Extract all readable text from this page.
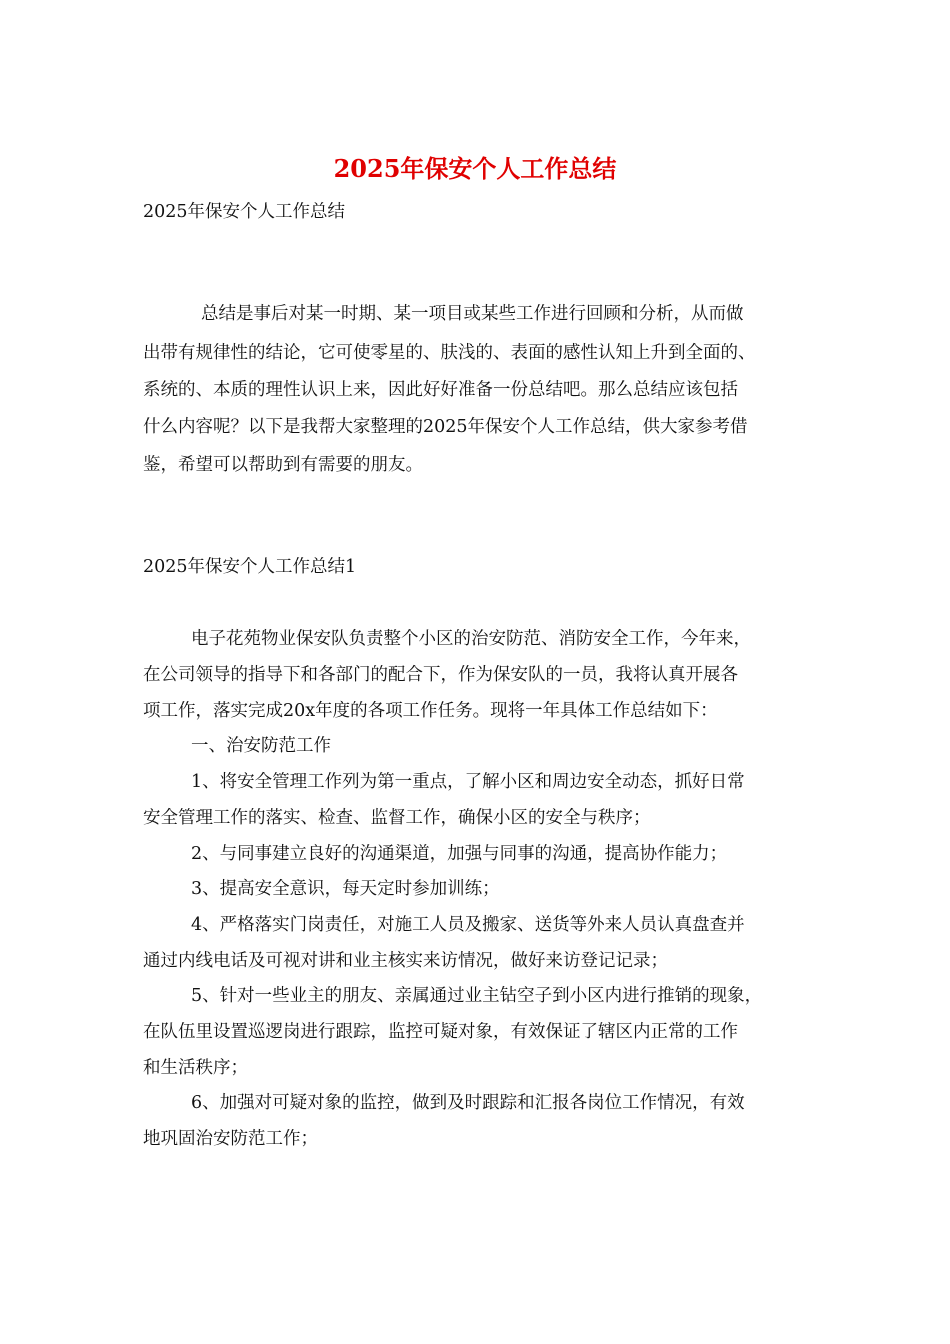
2025年保安个人工作总结
2025年保安个人工作总结
总结是事后对某一时期、某一项目或某些工作进行回顾和分析，从而做
出带有规律性的结论，它可使零星的、肤浅的、表面的感性认知上升到全面的、
系统的、本质的理性认识上来，因此好好准备一份总结吧。那么总结应该包括
什么内容呢？以下是我帮大家整理的2025年保安个人工作总结，供大家参考借
鉴，希望可以帮助到有需要的朋友。
2025年保安个人工作总结1
电子花苑物业保安队负责整个小区的治安防范、消防安全工作，今年来，
在公司领导的指导下和各部门的配合下，作为保安队的一员，我将认真开展各
项工作，落实完成20x年度的各项工作任务。现将一年具体工作总结如下：
一、治安防范工作
1、将安全管理工作列为第一重点，了解小区和周边安全动态，抓好日常
安全管理工作的落实、检查、监督工作，确保小区的安全与秩序；
2、与同事建立良好的沟通渠道，加强与同事的沟通，提高协作能力；
3、提高安全意识，每天定时参加训练；
4、严格落实门岗责任，对施工人员及搬家、送货等外来人员认真盘查并
通过内线电话及可视对讲和业主核实来访情况，做好来访登记记录；
5、针对一些业主的朋友、亲属通过业主钻空子到小区内进行推销的现象，
在队伍里设置巡逻岗进行跟踪，监控可疑对象，有效保证了辖区内正常的工作
和生活秩序；
6、加强对可疑对象的监控，做到及时跟踪和汇报各岗位工作情况，有效
地巩固治安防范工作；
